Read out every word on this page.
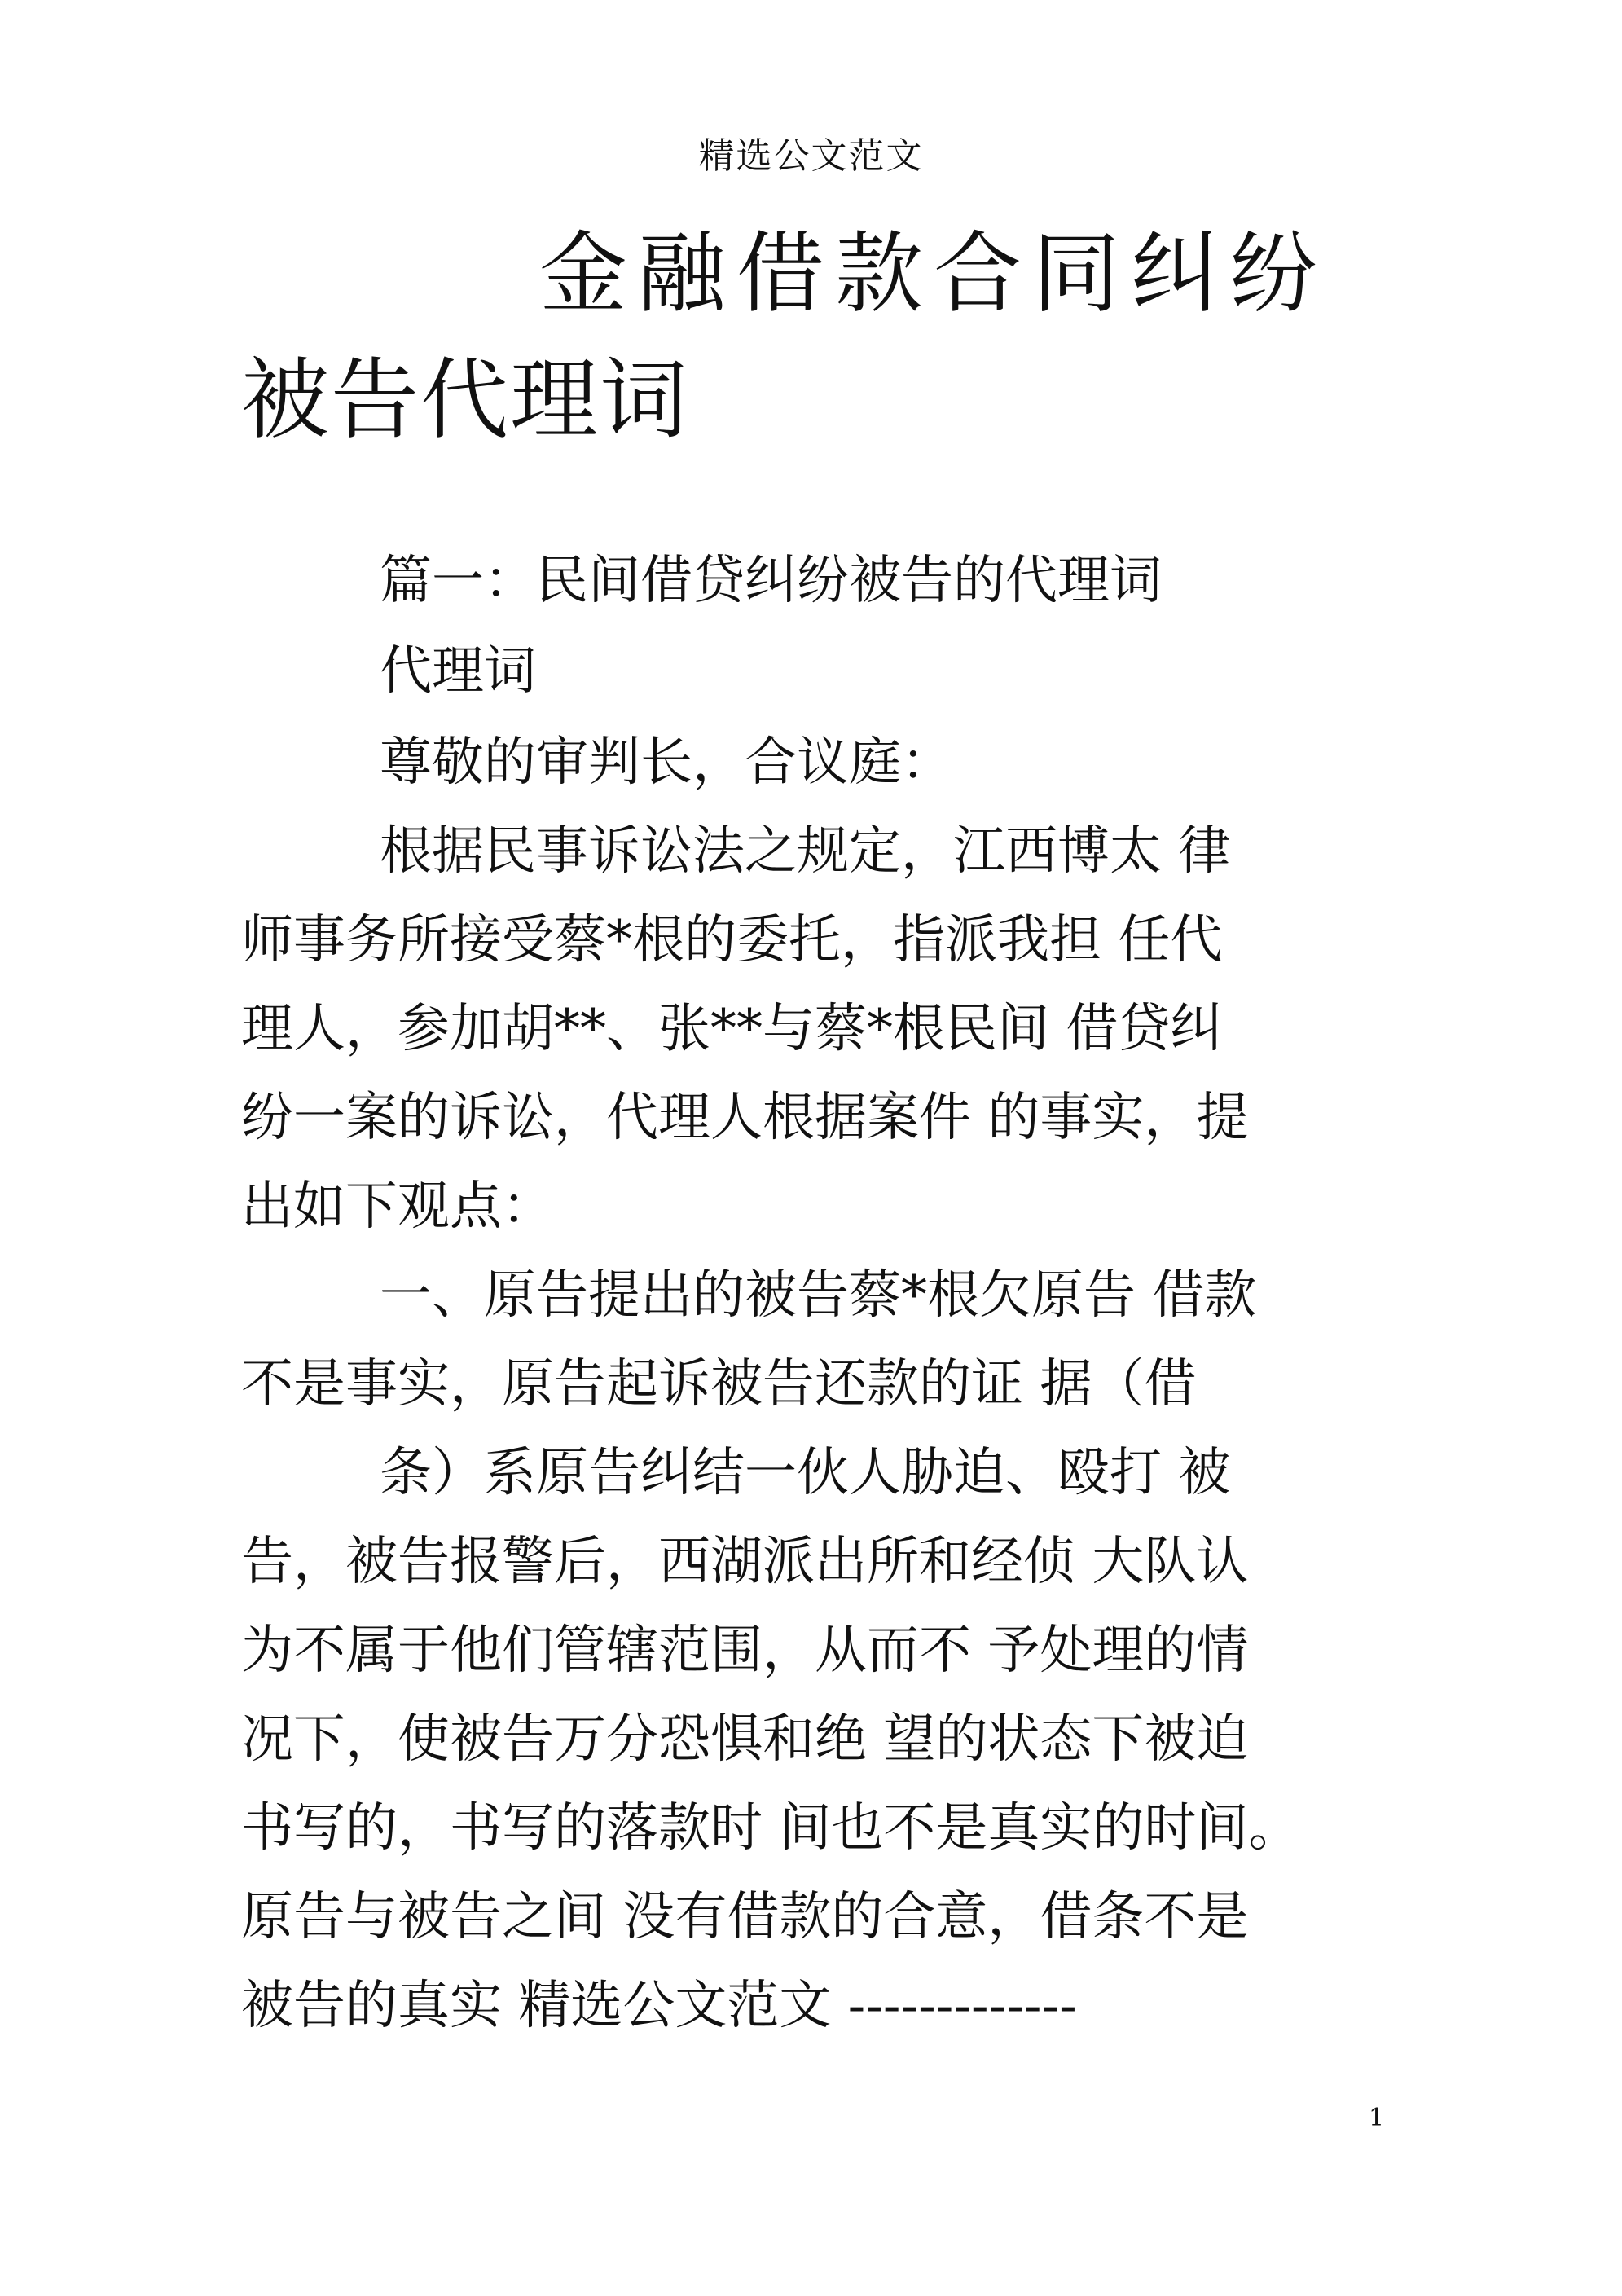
精选公文范文
金融借款合同纠纷
被告代理词
篇一：民间借贷纠纷被告的代理词
代理词
尊敬的审判长，合议庭：
根据民事诉讼法之规定，江西博太 律
师事务所接受蔡*根的委托，指派我担 任代
理人，参加胡**、张**与蔡*根民间 借贷纠
纷一案的诉讼，代理人根据案件 的事实，提
出如下观点：
一、原告提出的被告蔡*根欠原告 借款
不是事实，原告起诉被告还款的证 据（借
条）系原告纠结一伙人胁迫、殴打 被
告，被告报警后，西湖派出所和经侦 大队认
为不属于他们管辖范围，从而不 予处理的情
况下，使被告万分恐惧和绝 望的状态下被迫
书写的，书写的落款时 间也不是真实的时间。
原告与被告之间 没有借款的合意，借条不是
被告的真实 精选公文范文 -------------
1
